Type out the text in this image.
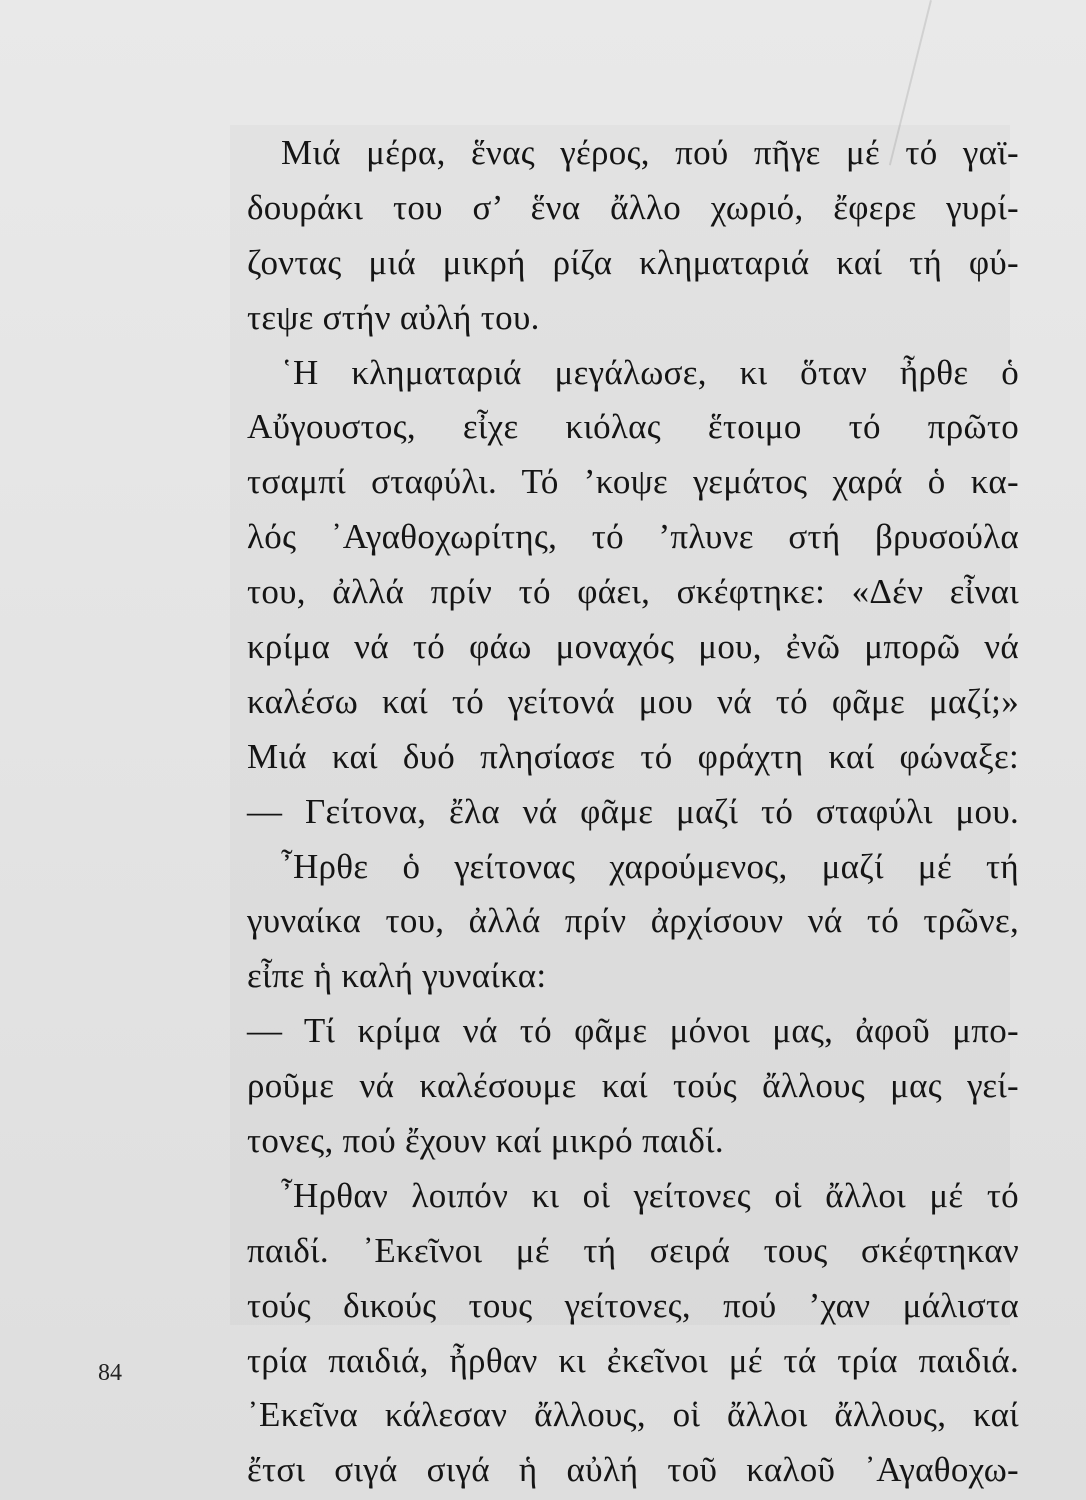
Μιά μέρα, ἕνας γέρος, πού πῆγε μέ τό γαϊ-
δουράκι του σ’ ἕνα ἄλλο χωριό, ἔφερε γυρί-
ζοντας μιά μικρή ρίζα κληματαριά καί τή φύ-
τεψε στήν αὐλή του.
῾Η κληματαριά μεγάλωσε, κι ὅταν ἦρθε ὁ
Αὔγουστος, εἶχε κιόλας ἕτοιμο τό πρῶτο
τσαμπί σταφύλι. Τό ’κοψε γεμάτος χαρά ὁ κα-
λός ᾿Αγαθοχωρίτης, τό ’πλυνε στή βρυσούλα
του, ἀλλά πρίν τό φάει, σκέφτηκε: «Δέν εἶναι
κρίμα νά τό φάω μοναχός μου, ἐνῶ μπορῶ νά
καλέσω καί τό γείτονά μου νά τό φᾶμε μαζί;»
Μιά καί δυό πλησίασε τό φράχτη καί φώναξε:
— Γείτονα, ἔλα νά φᾶμε μαζί τό σταφύλι μου.
῏Ηρθε ὁ γείτονας χαρούμενος, μαζί μέ τή
γυναίκα του, ἀλλά πρίν ἀρχίσουν νά τό τρῶνε,
εἶπε ἡ καλή γυναίκα:
— Τί κρίμα νά τό φᾶμε μόνοι μας, ἀφοῦ μπο-
ροῦμε νά καλέσουμε καί τούς ἄλλους μας γεί-
τονες, πού ἔχουν καί μικρό παιδί.
῏Ηρθαν λοιπόν κι οἱ γείτονες οἱ ἄλλοι μέ τό
παιδί. ᾿Εκεῖνοι μέ τή σειρά τους σκέφτηκαν
τούς δικούς τους γείτονες, πού ’χαν μάλιστα
τρία παιδιά, ἦρθαν κι ἐκεῖνοι μέ τά τρία παιδιά.
᾿Εκεῖνα κάλεσαν ἄλλους, οἱ ἄλλοι ἄλλους, καί
ἔτσι σιγά σιγά ἡ αὐλή τοῦ καλοῦ ᾿Αγαθοχω-
84
